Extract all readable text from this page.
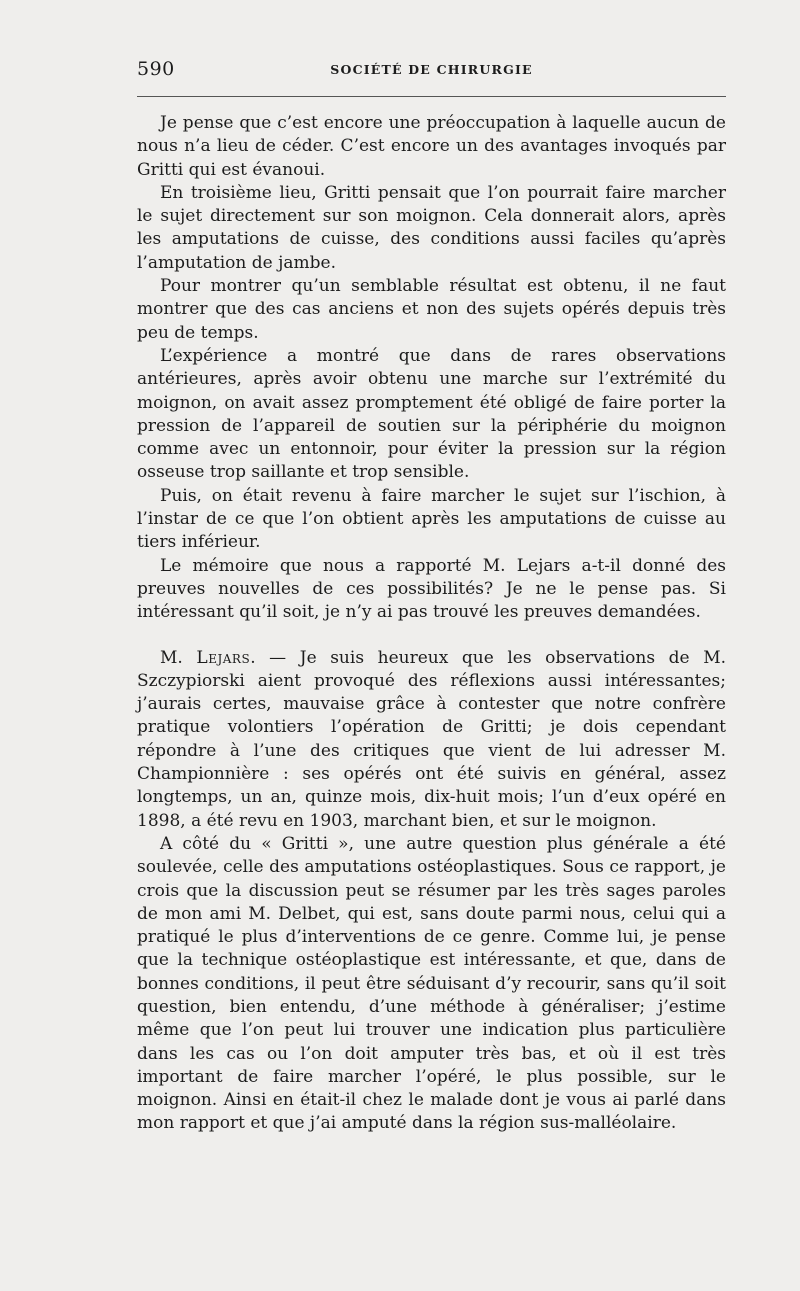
590	SOCIÉTÉ DE CHIRURGIE

Je pense que c’est encore une préoccupation à laquelle aucun de nous n’a lieu de céder. C’est encore un des avantages invoqués par Gritti qui est évanoui.

En troisième lieu, Gritti pensait que l’on pourrait faire marcher le sujet directement sur son moignon. Cela donnerait alors, après les amputations de cuisse, des conditions aussi faciles qu’après l’amputation de jambe.

Pour montrer qu’un semblable résultat est obtenu, il ne faut montrer que des cas anciens et non des sujets opérés depuis très peu de temps.

L’expérience a montré que dans de rares observations antérieures, après avoir obtenu une marche sur l’extrémité du moignon, on avait assez promptement été obligé de faire porter la pression de l’appareil de soutien sur la périphérie du moignon comme avec un entonnoir, pour éviter la pression sur la région osseuse trop saillante et trop sensible.

Puis, on était revenu à faire marcher le sujet sur l’ischion, à l’instar de ce que l’on obtient après les amputations de cuisse au tiers inférieur.

Le mémoire que nous a rapporté M. Lejars a-t-il donné des preuves nouvelles de ces possibilités? Je ne le pense pas. Si intéressant qu’il soit, je n’y ai pas trouvé les preuves demandées.

M. Lejars. — Je suis heureux que les observations de M. Szczypiorski aient provoqué des réflexions aussi intéressantes; j’aurais certes, mauvaise grâce à contester que notre confrère pratique volontiers l’opération de Gritti; je dois cependant répondre à l’une des critiques que vient de lui adresser M. Championnière : ses opérés ont été suivis en général, assez longtemps, un an, quinze mois, dix-huit mois; l’un d’eux opéré en 1898, a été revu en 1903, marchant bien, et sur le moignon.

A côté du « Gritti », une autre question plus générale a été soulevée, celle des amputations ostéoplastiques. Sous ce rapport, je crois que la discussion peut se résumer par les très sages paroles de mon ami M. Delbet, qui est, sans doute parmi nous, celui qui a pratiqué le plus d’interventions de ce genre. Comme lui, je pense que la technique ostéoplastique est intéressante, et que, dans de bonnes conditions, il peut être séduisant d’y recourir, sans qu’il soit question, bien entendu, d’une méthode à généraliser; j’estime même que l’on peut lui trouver une indication plus particulière dans les cas ou l’on doit amputer très bas, et où il est très important de faire marcher l’opéré, le plus possible, sur le moignon. Ainsi en était-il chez le malade dont je vous ai parlé dans mon rapport et que j’ai amputé dans la région sus-malléolaire.
